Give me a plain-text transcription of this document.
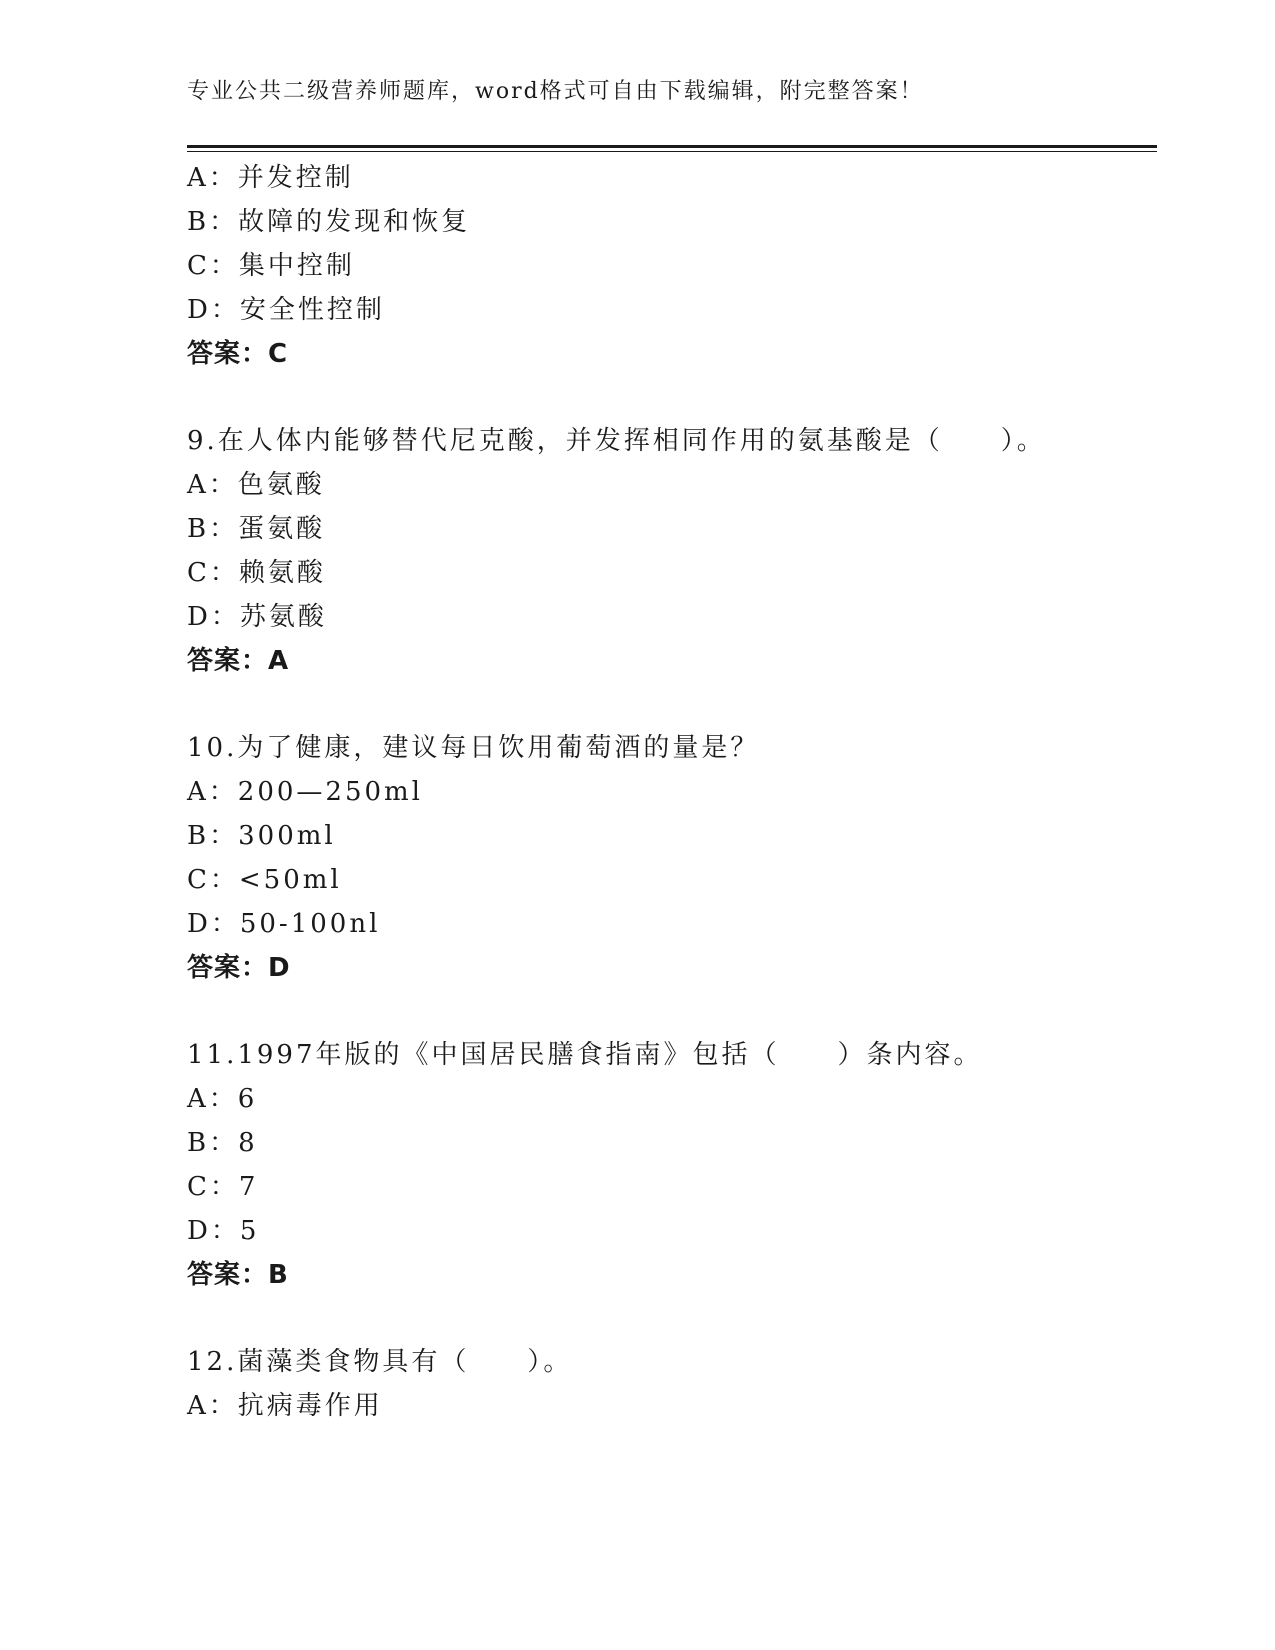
专业公共二级营养师题库，word格式可自由下载编辑，附完整答案！
A：并发控制
B：故障的发现和恢复
C：集中控制
D：安全性控制
答案：C
9.在人体内能够替代尼克酸，并发挥相同作用的氨基酸是（　　）。
A：色氨酸
B：蛋氨酸
C：赖氨酸
D：苏氨酸
答案：A
10.为了健康，建议每日饮用葡萄酒的量是？
A：200—250ml
B：300ml
C：<50ml
D：50-100nl
答案：D
11.1997年版的《中国居民膳食指南》包括（　　）条内容。
A：6
B：8
C：7
D：5
答案：B
12.菌藻类食物具有（　　）。
A：抗病毒作用
